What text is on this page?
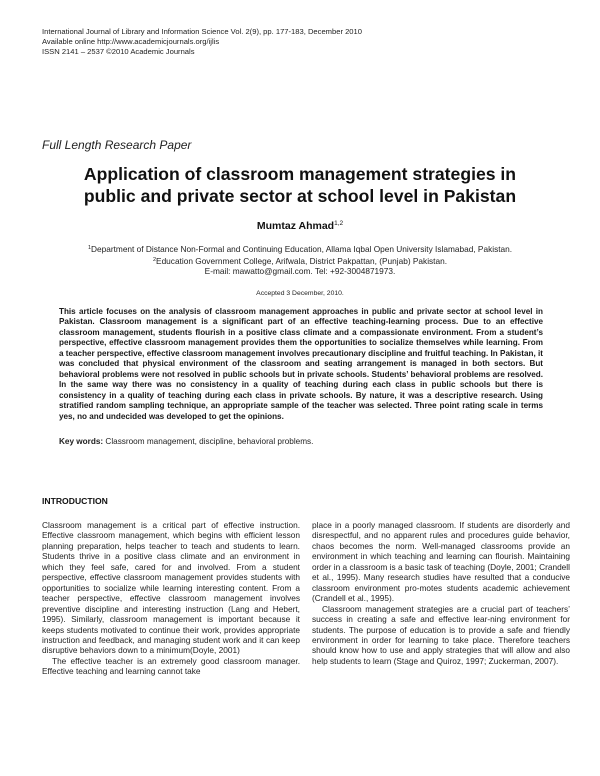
International Journal of Library and Information Science Vol. 2(9), pp. 177-183, December 2010
Available online http://www.academicjournals.org/ijlis
ISSN 2141 – 2537 ©2010 Academic Journals
Full Length Research Paper
Application of classroom management strategies in
public and private sector at school level in Pakistan
Mumtaz Ahmad$^{1,2}$
$^1$Department of Distance Non-Formal and Continuing Education, Allama Iqbal Open University Islamabad, Pakistan.
$^2$Education Government College, Arifwala, District Pakpattan, (Punjab) Pakistan.
E-mail: mawatto@gmail.com. Tel: +92-3004871973.
Accepted 3 December, 2010.
This article focuses on the analysis of classroom management approaches in public and private sector at school level in Pakistan. Classroom management is a significant part of an effective teaching-learning process. Due to an effective classroom management, students flourish in a positive class climate and a compassionate environment. From a student’s perspective, effective classroom management provides them the opportunities to socialize themselves while learning. From a teacher perspective, effective classroom management involves precautionary discipline and fruitful teaching. In Pakistan, it was concluded that physical environment of the classroom and seating arrangement is managed in both sectors. But behavioral problems were not resolved in public schools but in private schools. Students’ behavioral problems are resolved. In the same way there was no consistency in a quality of teaching during each class in public schools but there is consistency in a quality of teaching during each class in private schools. By nature, it was a descriptive research. Using stratified random sampling technique, an appropriate sample of the teacher was selected. Three point rating scale in terms yes, no and undecided was developed to get the opinions.
Key words: Classroom management, discipline, behavioral problems.
INTRODUCTION

Classroom management is a critical part of effective instruction. Effective classroom management, which begins with efficient lesson planning preparation, helps teacher to teach and students to learn. Students thrive in a positive class climate and an environment in which they feel safe, cared for and involved. From a student perspective, effective classroom management provides students with opportunities to socialize while learning interesting content. From a teacher perspective, effective classroom management involves preventive discipline and interesting instruction (Lang and Hebert, 1995). Similarly, classroom management is important because it keeps students motivated to continue their work, provides appropriate instruction and feedback, and managing student work and it can keep disruptive behaviors down to a minimum(Doyle, 2001)

The effective teacher is an extremely good classroom manager. Effective teaching and learning cannot take

place in a poorly managed classroom. If students are disorderly and disrespectful, and no apparent rules and procedures guide behavior, chaos becomes the norm. Well-managed classrooms provide an environment in which teaching and learning can flourish. Maintaining order in a classroom is a basic task of teaching (Doyle, 2001; Crandell et al., 1995). Many research studies have resulted that a conducive classroom environment pro-motes students academic achievement (Crandell et al., 1995).

Classroom management strategies are a crucial part of teachers’ success in creating a safe and effective lear-ning environment for students. The purpose of education is to provide a safe and friendly environment in order for learning to take place. Therefore teachers should know how to use and apply strategies that will allow and also help students to learn (Stage and Quiroz, 1997; Zuckerman, 2007).
